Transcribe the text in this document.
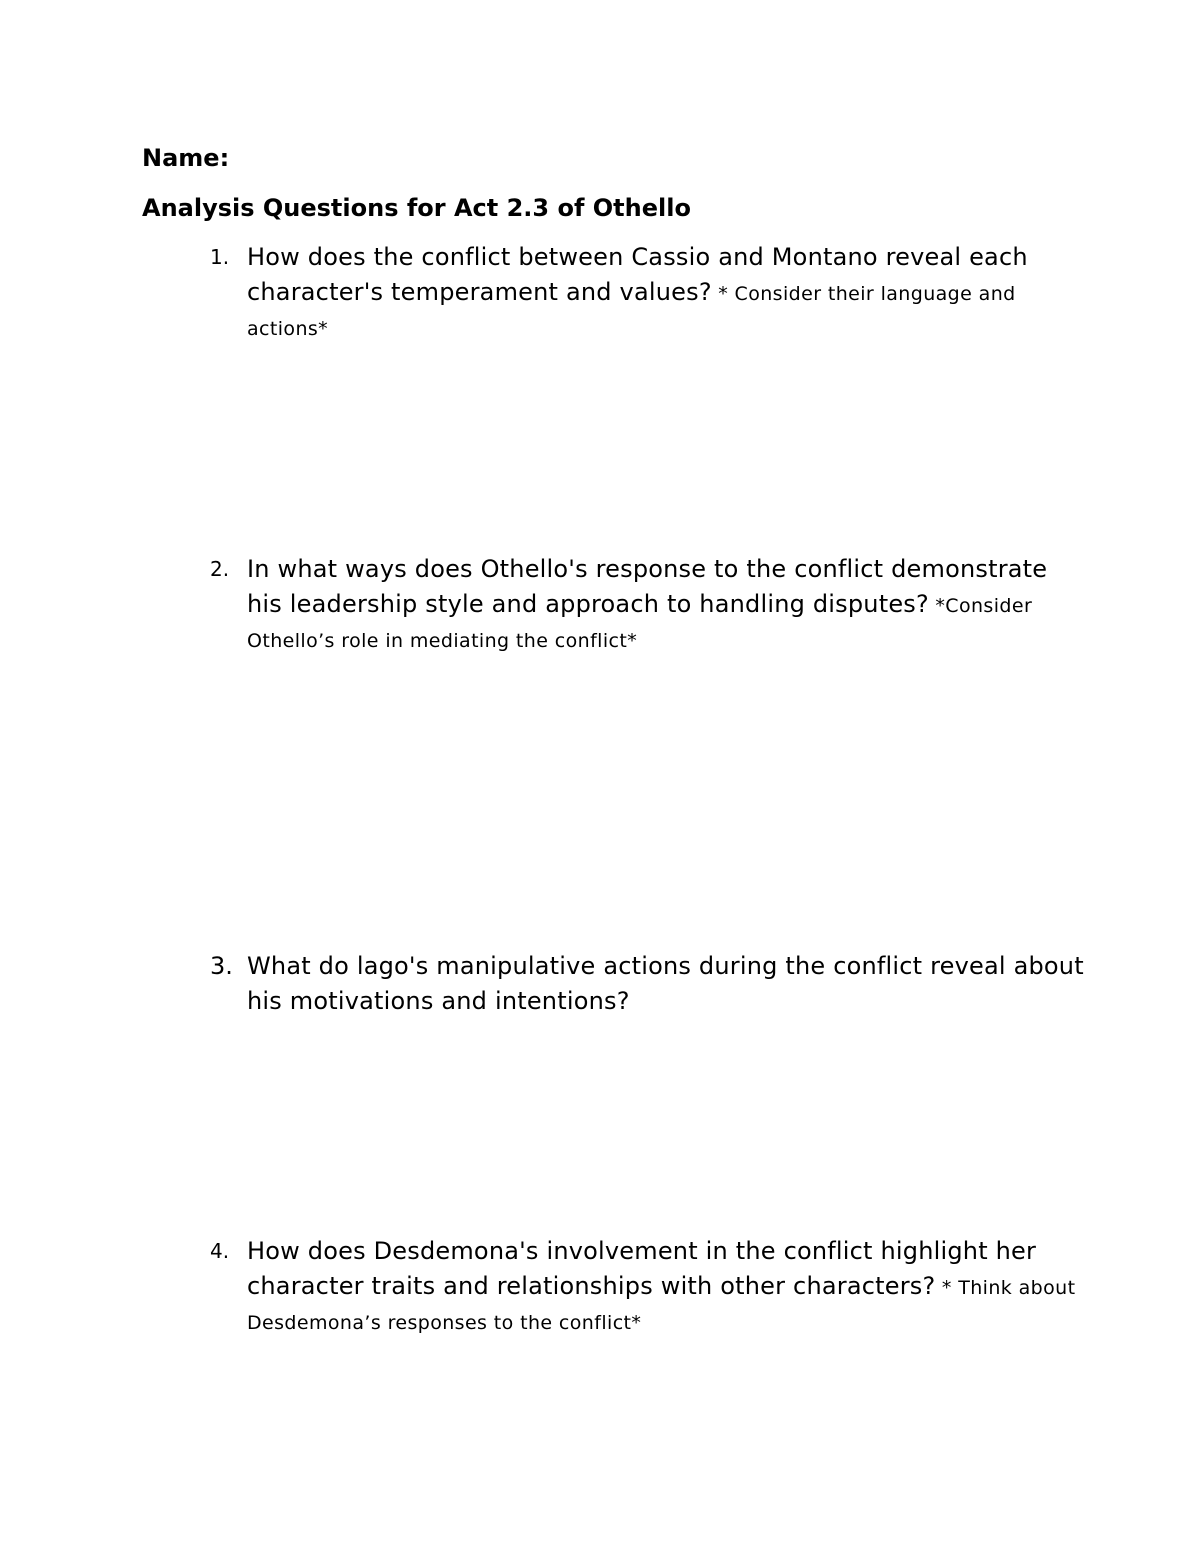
Name:

Analysis Questions for Act 2.3 of Othello
1. How does the conflict between Cassio and Montano reveal each character's temperament and values? * Consider their language and actions*
2. In what ways does Othello's response to the conflict demonstrate his leadership style and approach to handling disputes? *Consider Othello’s role in mediating the conflict*
3. What do lago's manipulative actions during the conflict reveal about his motivations and intentions?
4. How does Desdemona's involvement in the conflict highlight her character traits and relationships with other characters? * Think about Desdemona’s responses to the conflict*
